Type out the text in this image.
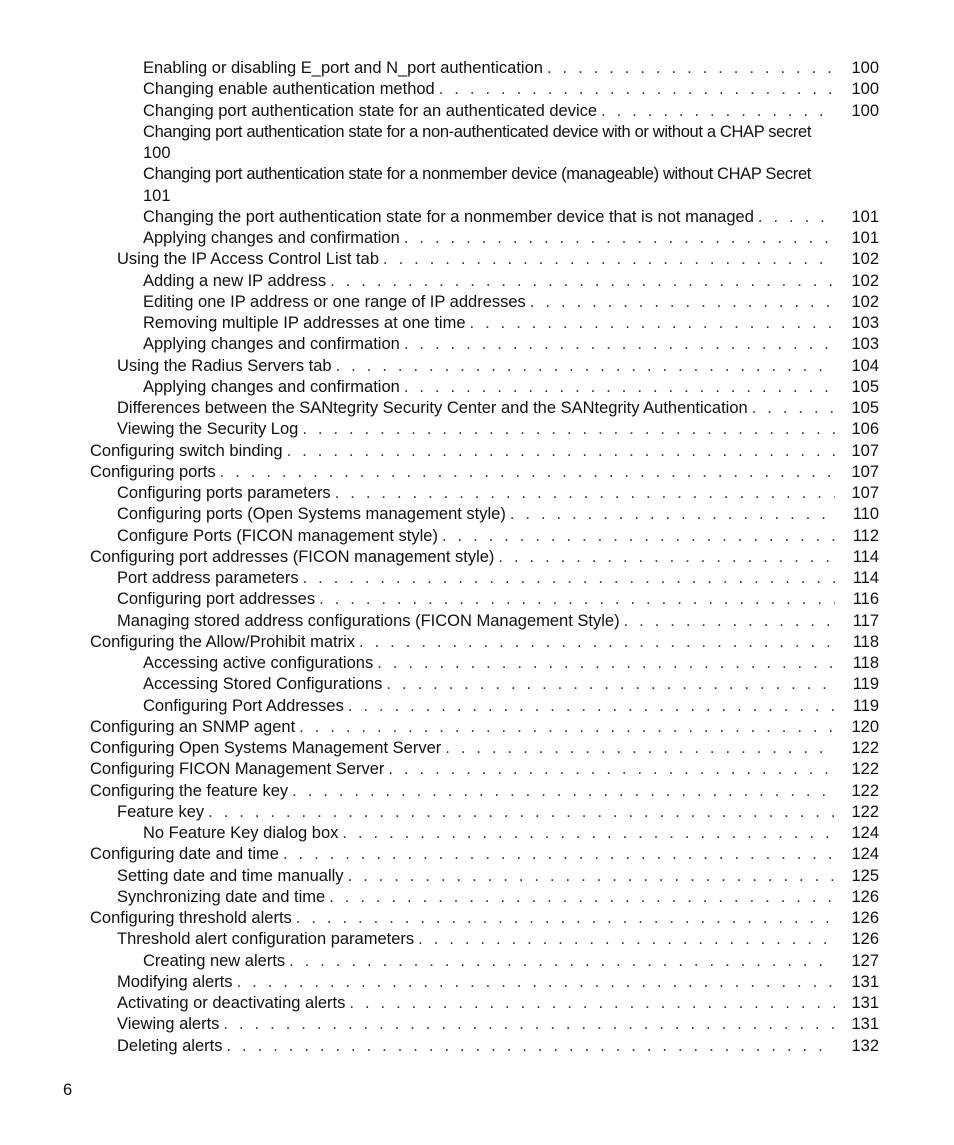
Enabling or disabling E_port and N_port authentication . . .	100
Changing enable authentication method . . .	100
Changing port authentication state for an authenticated device . . .	100
Changing port authentication state for a non-authenticated device with or without a CHAP secret
100
Changing port authentication state for a nonmember device (manageable) without CHAP Secret
101
Changing the port authentication state for a nonmember device that is not managed . . .	101
Applying changes and confirmation . . .	101
Using the IP Access Control List tab . . .	102
Adding a new IP address . . .	102
Editing one IP address or one range of IP addresses . . .	102
Removing multiple IP addresses at one time . . .	103
Applying changes and confirmation . . .	103
Using the Radius Servers tab . . .	104
Applying changes and confirmation . . .	105
Differences between the SANtegrity Security Center and the SANtegrity Authentication . . .	105
Viewing the Security Log . . .	106
Configuring switch binding . . .	107
Configuring ports . . .	107
Configuring ports parameters . . .	107
Configuring ports (Open Systems management style) . . .	110
Configure Ports (FICON management style) . . .	112
Configuring port addresses (FICON management style) . . .	114
Port address parameters . . .	114
Configuring port addresses . . .	116
Managing stored address configurations (FICON Management Style) . . .	117
Configuring the Allow/Prohibit matrix . . .	118
Accessing active configurations . . .	118
Accessing Stored Configurations . . .	119
Configuring Port Addresses . . .	119
Configuring an SNMP agent . . .	120
Configuring Open Systems Management Server . . .	122
Configuring FICON Management Server . . .	122
Configuring the feature key . . .	122
Feature key . . .	122
No Feature Key dialog box . . .	124
Configuring date and time . . .	124
Setting date and time manually . . .	125
Synchronizing date and time . . .	126
Configuring threshold alerts . . .	126
Threshold alert configuration parameters . . .	126
Creating new alerts . . .	127
Modifying alerts . . .	131
Activating or deactivating alerts . . .	131
Viewing alerts . . .	131
Deleting alerts . . .	132
6
